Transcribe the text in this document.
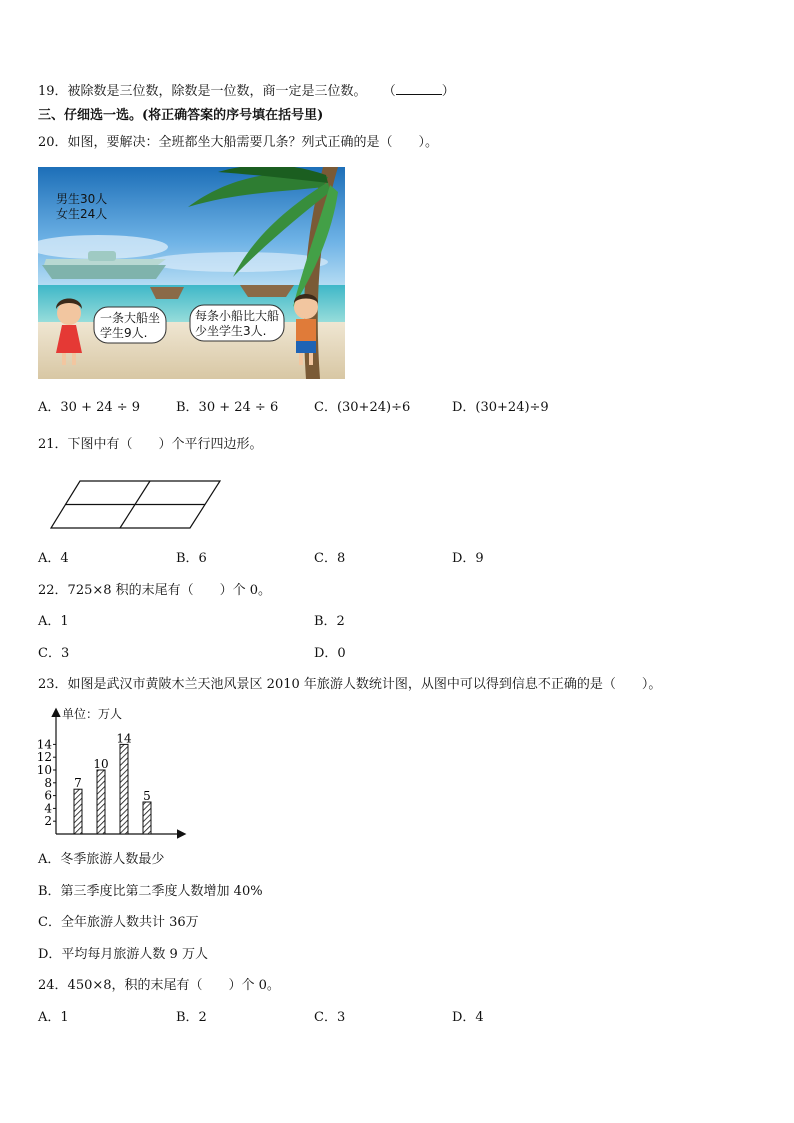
19．被除数是三位数，除数是一位数，商一定是三位数。 （	）
三、仔细选一选。(将正确答案的序号填在括号里)
20．如图，要解决：全班都坐大船需要几条？列式正确的是（　　）。
男生30人
女生24人
一条大船坐
学生9人.
每条小船比大船
少坐学生3人.
A．30 + 24 ÷ 9	B．30 + 24 ÷ 6	C．(30+24)÷6	D．(30+24)÷9
21．下图中有（　　）个平行四边形。
A．4	B．6	C．8	D．9
22．725×8 积的末尾有（　　）个 0。
A．1	B．2
C．3	D．0
23．如图是武汉市黄陂木兰天池风景区 2010 年旅游人数统计图，从图中可以得到信息不正确的是（　　）。
单位：万人
2
4
6
8
10
12
14
7
10
14
5
A．冬季旅游人数最少
B．第三季度比第二季度人数增加 40%
C．全年旅游人数共计 36万
D．平均每月旅游人数 9 万人
24．450×8，积的末尾有（　　）个 0。
A．1	B．2	C．3	D．4
